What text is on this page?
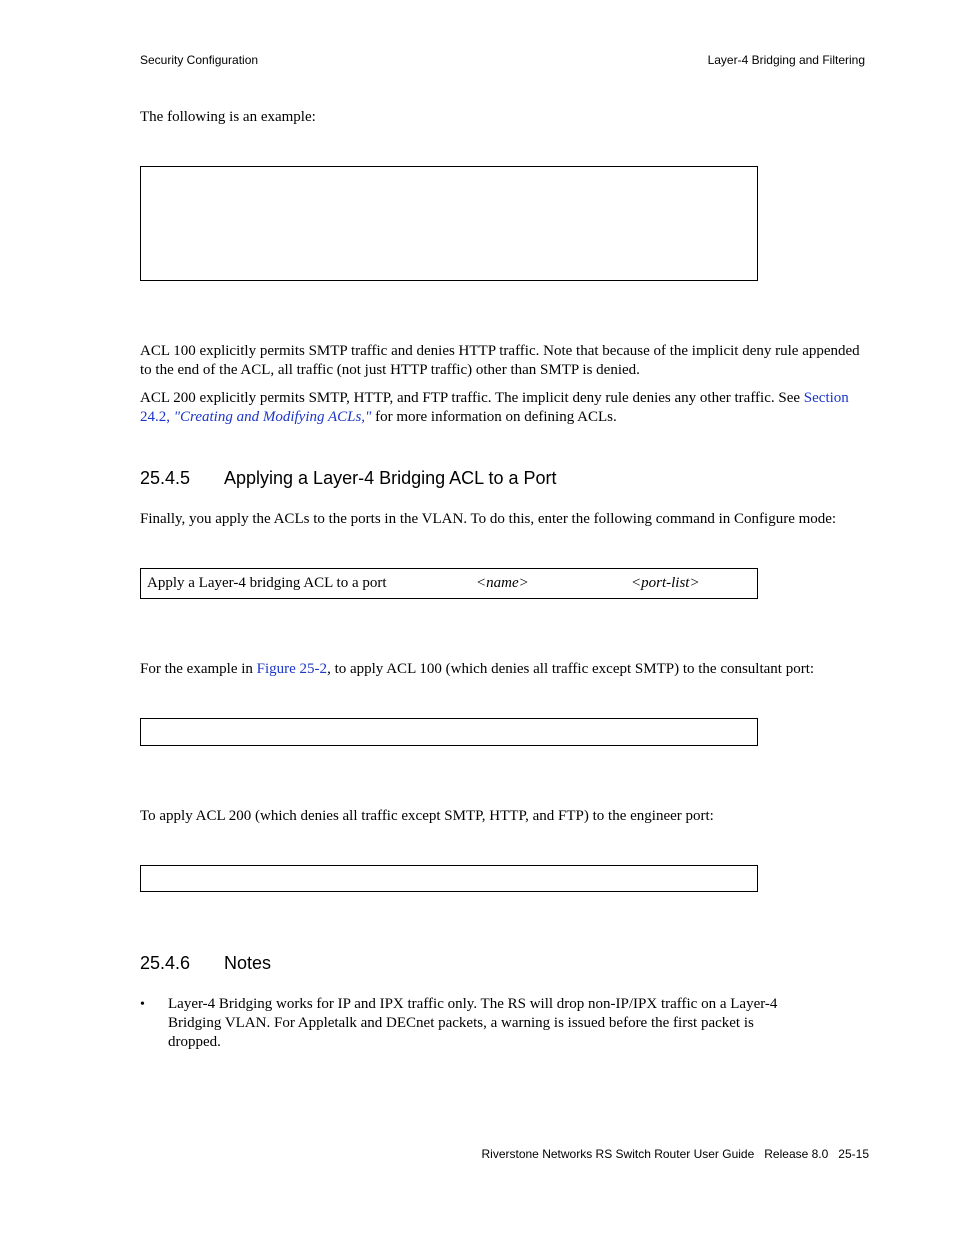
Security Configuration	Layer-4 Bridging and Filtering
The following is an example:
ACL 100 explicitly permits SMTP traffic and denies HTTP traffic. Note that because of the implicit deny rule appended to the end of the ACL, all traffic (not just HTTP traffic) other than SMTP is denied.
ACL 200 explicitly permits SMTP, HTTP, and FTP traffic. The implicit deny rule denies any other traffic. See Section 24.2, "Creating and Modifying ACLs," for more information on defining ACLs.
25.4.5 Applying a Layer-4 Bridging ACL to a Port
Finally, you apply the ACLs to the ports in the VLAN. To do this, enter the following command in Configure mode:
Apply a Layer-4 bridging ACL to a port	<name>	<port-list>
For the example in Figure 25-2, to apply ACL 100 (which denies all traffic except SMTP) to the consultant port:
To apply ACL 200 (which denies all traffic except SMTP, HTTP, and FTP) to the engineer port:
25.4.6 Notes
• Layer-4 Bridging works for IP and IPX traffic only. The RS will drop non-IP/IPX traffic on a Layer-4 Bridging VLAN. For Appletalk and DECnet packets, a warning is issued before the first packet is dropped.
Riverstone Networks RS Switch Router User Guide   Release 8.0   25-15
